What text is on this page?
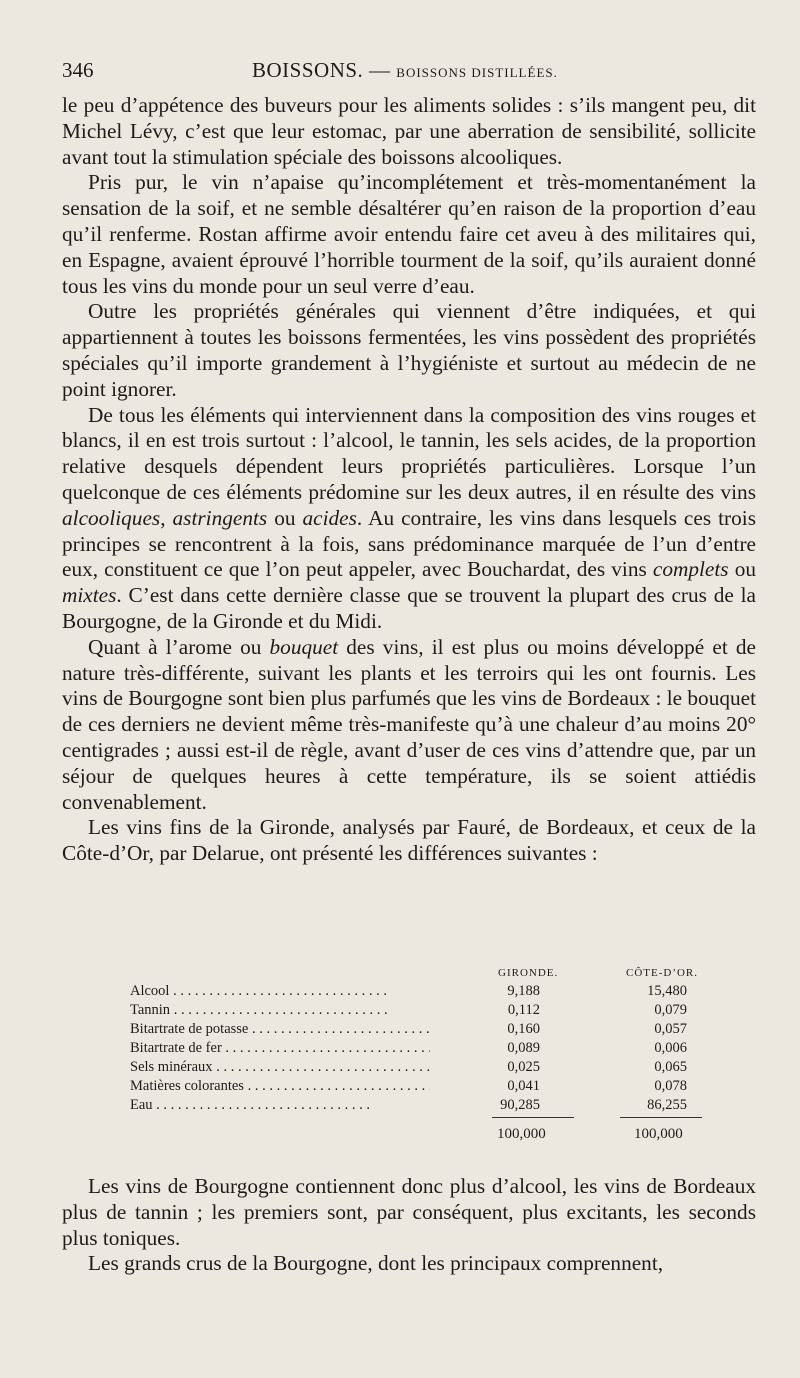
346	BOISSONS. — BOISSONS DISTILLÉES.

le peu d’appétence des buveurs pour les aliments solides : s’ils mangent peu, dit Michel Lévy, c’est que leur estomac, par une aberration de sensibilité, sollicite avant tout la stimulation spéciale des boissons alcooliques.

Pris pur, le vin n’apaise qu’incomplétement et très-momentanément la sensation de la soif, et ne semble désaltérer qu’en raison de la proportion d’eau qu’il renferme. Rostan affirme avoir entendu faire cet aveu à des militaires qui, en Espagne, avaient éprouvé l’horrible tourment de la soif, qu’ils auraient donné tous les vins du monde pour un seul verre d’eau.

Outre les propriétés générales qui viennent d’être indiquées, et qui appartiennent à toutes les boissons fermentées, les vins possèdent des propriétés spéciales qu’il importe grandement à l’hygiéniste et surtout au médecin de ne point ignorer.

De tous les éléments qui interviennent dans la composition des vins rouges et blancs, il en est trois surtout : l’alcool, le tannin, les sels acides, de la proportion relative desquels dépendent leurs propriétés particulières. Lorsque l’un quelconque de ces éléments prédomine sur les deux autres, il en résulte des vins alcooliques, astringents ou acides. Au contraire, les vins dans lesquels ces trois principes se rencontrent à la fois, sans prédominance marquée de l’un d’entre eux, constituent ce que l’on peut appeler, avec Bouchardat, des vins complets ou mixtes. C’est dans cette dernière classe que se trouvent la plupart des crus de la Bourgogne, de la Gironde et du Midi.

Quant à l’arome ou bouquet des vins, il est plus ou moins développé et de nature très-différente, suivant les plants et les terroirs qui les ont fournis. Les vins de Bourgogne sont bien plus parfumés que les vins de Bordeaux : le bouquet de ces derniers ne devient même très-manifeste qu’à une chaleur d’au moins 20° centigrades ; aussi est-il de règle, avant d’user de ces vins d’attendre que, par un séjour de quelques heures à cette température, ils se soient attiédis convenablement.

Les vins fins de la Gironde, analysés par Fauré, de Bordeaux, et ceux de la Côte-d’Or, par Delarue, ont présenté les différences suivantes :

GIRONDE.	CÔTE-D’OR.
Alcool . . .	9,188	15,480
Tannin . . .	0,112	0,079
Bitartrate de potasse . . .	0,160	0,057
Bitartrate de fer . . .	0,089	0,006
Sels minéraux . . .	0,025	0,065
Matières colorantes . . .	0,041	0,078
Eau . . .	90,285	86,255
100,000	100,000

Les vins de Bourgogne contiennent donc plus d’alcool, les vins de Bordeaux plus de tannin ; les premiers sont, par conséquent, plus excitants, les seconds plus toniques.

Les grands crus de la Bourgogne, dont les principaux comprennent,
